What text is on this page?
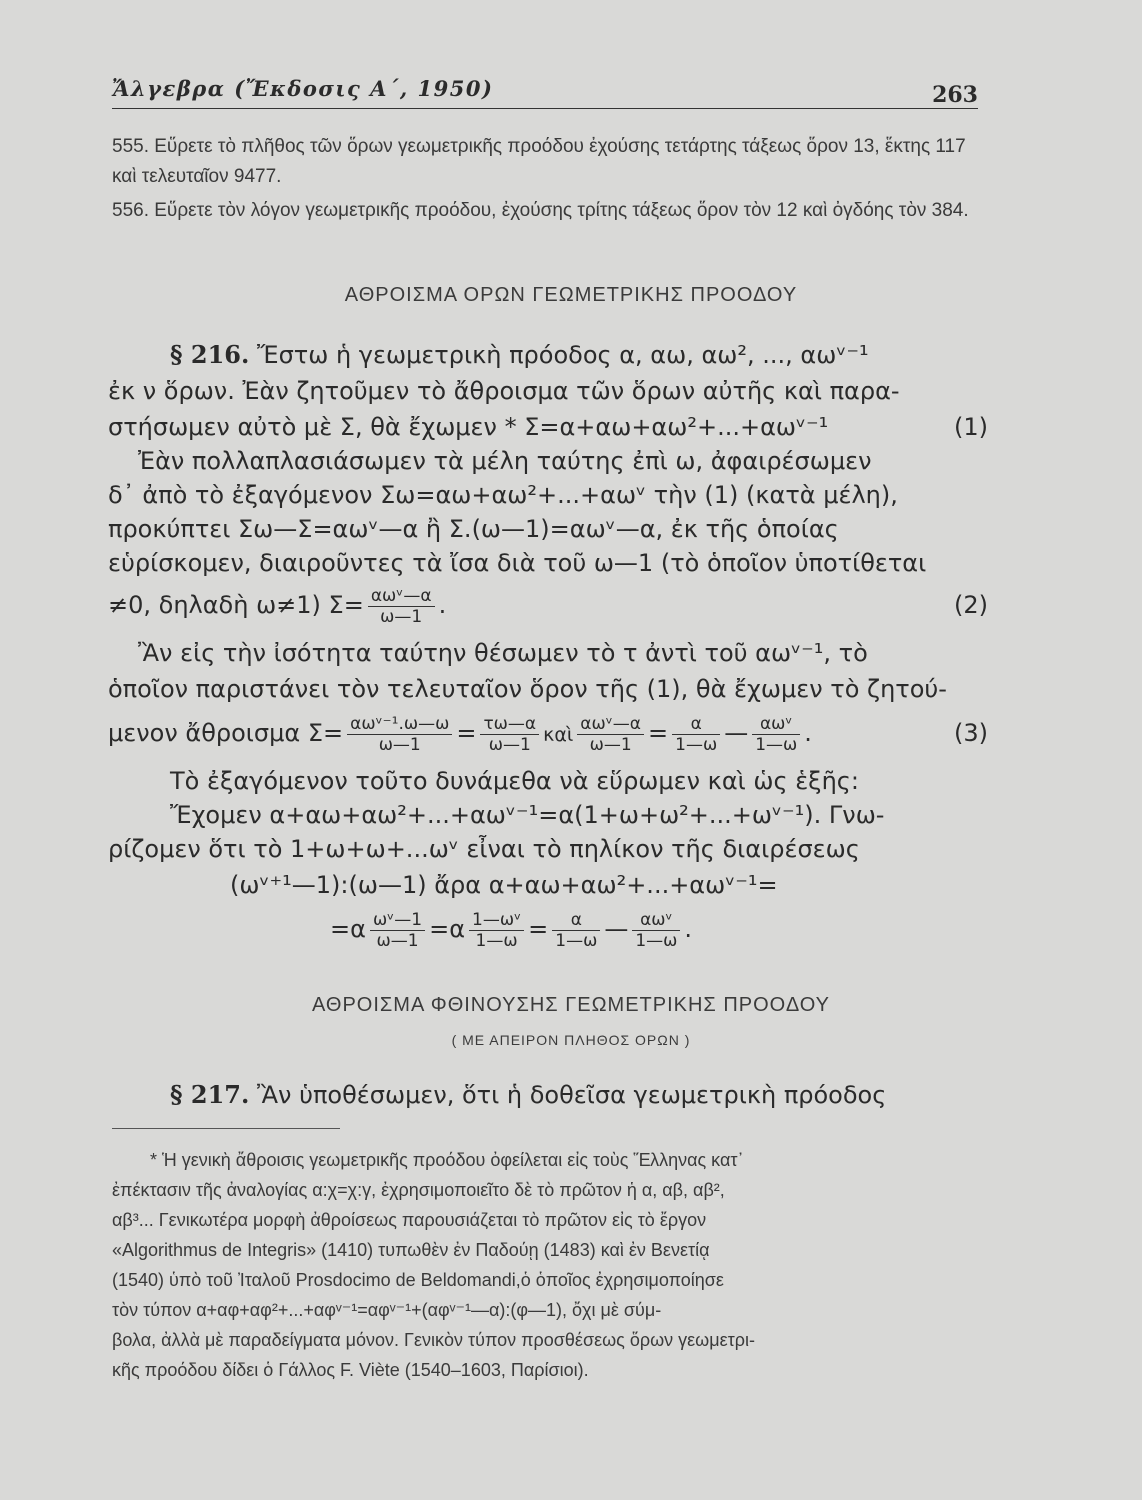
Ἄλγεβρα (Ἔκδοσις Α΄, 1950)	263
555. Εὕρετε τὸ πλῆθος τῶν ὅρων γεωμετρικῆς προόδου ἐχούσης τετάρτης τάξεως ὅρον 13, ἕκτης 117 καὶ τελευταῖον 9477.
556. Εὕρετε τὸν λόγον γεωμετρικῆς προόδου, ἐχούσης τρίτης τάξεως ὅρον τὸν 12 καὶ ὀγδόης τὸν 384.
ΑΘΡΟΙΣΜΑ ΟΡΩΝ ΓΕΩΜΕΤΡΙΚΗΣ ΠΡΟΟΔΟΥ
§ 216. Ἔστω ἡ γεωμετρικὴ πρόοδος α, αω, αω², ..., αωᵛ⁻¹
ἐκ ν ὅρων. Ἐὰν ζητοῦμεν τὸ ἄθροισμα τῶν ὅρων αὐτῆς καὶ παρα-
στήσωμεν αὐτὸ μὲ Σ, θὰ ἔχωμεν * Σ=α+αω+αω²+...+αωᵛ⁻¹	(1)
Ἐὰν πολλαπλασιάσωμεν τὰ μέλη ταύτης ἐπὶ ω, ἀφαιρέσωμεν
δ᾿ ἀπὸ τὸ ἐξαγόμενον Σω=αω+αω²+...+αωᵛ τὴν (1) (κατὰ μέλη),
προκύπτει Σω—Σ=αωᵛ—α ἢ Σ.(ω—1)=αωᵛ—α, ἐκ τῆς ὁποίας
εὑρίσκομεν, διαιροῦντες τὰ ἴσα διὰ τοῦ ω—1 (τὸ ὁποῖον ὑποτίθεται
≠0, δηλαδὴ ω≠1) $\Sigma= \frac{\text{αωᵛ—α}}{\omega—1}$ .	(2)
Ἂν εἰς τὴν ἰσότητα ταύτην θέσωμεν τὸ τ ἀντὶ τοῦ αωᵛ⁻¹, τὸ
ὁποῖον παριστάνει τὸν τελευταῖον ὅρον τῆς (1), θὰ ἔχωμεν τὸ ζητού-
μενον ἄθροισμα $\Sigma= \frac{\text{αωᵛ⁻¹.ω—ω}}{\omega—1} = \frac{\tau\omega—\alpha}{\omega—1}$ καὶ $\frac{\text{αωᵛ—α}}{\omega—1} = \frac{\alpha}{1—\omega}$ — $\frac{\text{αωᵛ}}{1—\omega}$ .	(3)
Τὸ ἐξαγόμενον τοῦτο δυνάμεθα νὰ εὕρωμεν καὶ ὡς ἑξῆς:
Ἔχομεν α+αω+αω²+...+αωᵛ⁻¹=α(1+ω+ω²+...+ωᵛ⁻¹). Γνω-
ρίζομεν ὅτι τὸ 1+ω+ω+...ωᵛ εἶναι τὸ πηλίκον τῆς διαιρέσεως
(ωᵛ⁺¹—1):(ω—1) ἄρα α+αω+αω²+...+αωᵛ⁻¹=
$=\alpha \frac{\text{ωᵛ—1}}{\omega—1} =\alpha \frac{\text{1—ωᵛ}}{1—\omega} = \frac{\alpha}{1—\omega}$ — $\frac{\text{αωᵛ}}{1—\omega}$ .
ΑΘΡΟΙΣΜΑ ΦΘΙΝΟΥΣΗΣ ΓΕΩΜΕΤΡΙΚΗΣ ΠΡΟΟΔΟΥ
( ΜΕ ΑΠΕΙΡΟΝ ΠΛΗΘΟΣ ΟΡΩΝ )
§ 217. Ἂν ὑποθέσωμεν, ὅτι ἡ δοθεῖσα γεωμετρικὴ πρόοδος
* Ἡ γενικὴ ἄθροισις γεωμετρικῆς προόδου ὀφείλεται εἰς τοὺς Ἕλληνας κατ᾿
ἐπέκτασιν τῆς ἀναλογίας α:χ=χ:γ, ἐχρησιμοποιεῖτο δὲ τὸ πρῶτον ἡ α, αβ, αβ²,
αβ³... Γενικωτέρα μορφὴ ἀθροίσεως παρουσιάζεται τὸ πρῶτον εἰς τὸ ἔργον
«Algorithmus de Integris» (1410) τυπωθὲν ἐν Παδούῃ (1483) καὶ ἐν Βενετίᾳ
(1540) ὑπὸ τοῦ Ἰταλοῦ Prosdocimo de Beldomandi,ὁ ὁποῖος ἐχρησιμοποίησε
τὸν τύπον α+αφ+αφ²+...+αφᵛ⁻¹=αφᵛ⁻¹+(αφᵛ⁻¹—α):(φ—1), ὄχι μὲ σύμ-
βολα, ἀλλὰ μὲ παραδείγματα μόνον. Γενικὸν τύπον προσθέσεως ὅρων γεωμετρι-
κῆς προόδου δίδει ὁ Γάλλος F. Viète (1540–1603, Παρίσιοι).
